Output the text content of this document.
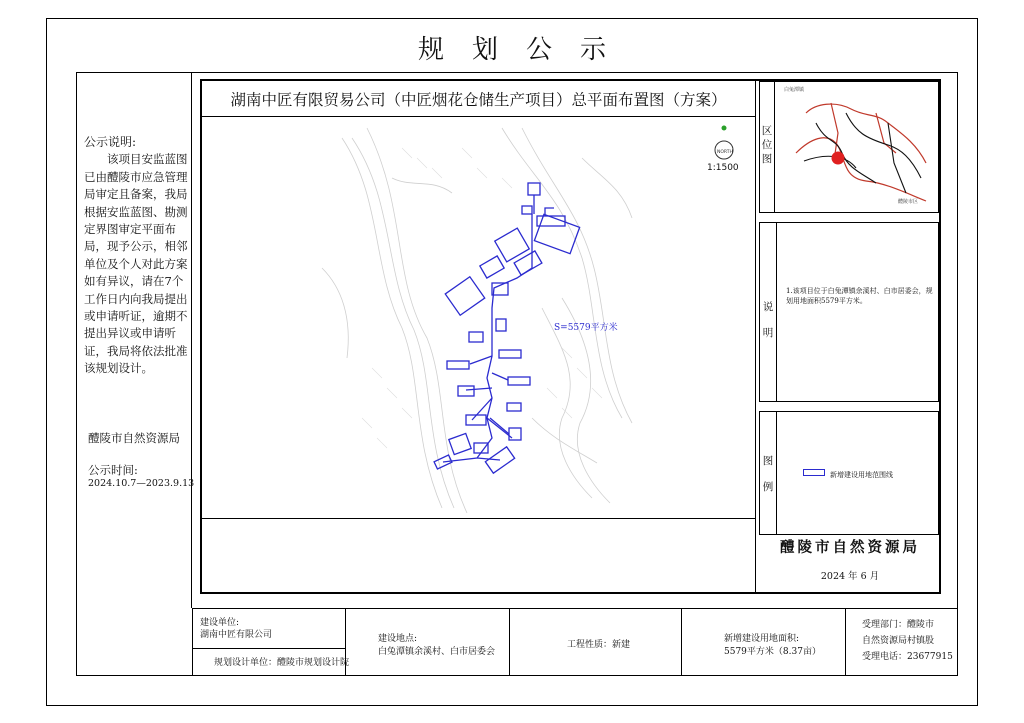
规划公示
公示说明:
该项目安监蓝图已由醴陵市应急管理局审定且备案，我局根据安监蓝图、勘测定界图审定平面布局，现予公示，相邻单位及个人对此方案如有异议，请在7个工作日内向我局提出或申请听证，逾期不提出异议或申请听证，我局将依法批准该规划设计。
醴陵市自然资源局
公示时间:
2024.10.7—2023.9.13
湖南中匠有限贸易公司（中匠烟花仓储生产项目）总平面布置图（方案）
S=5579平方米
NORTH
1:1500
区位图
醴陵市区
白兔潭镇
说明
1.该项目位于白兔潭镇余溪村、白市居委会，规划用地面积5579平方米。
图例
新增建设用地范围线
醴陵市自然资源局
2024 年 6 月
建设单位:
湖南中匠有限公司
规划设计单位：醴陵市规划设计院
建设地点:
白兔潭镇余溪村、白市居委会
工程性质：新建
新增建设用地面积:
5579平方米（8.37亩）
受理部门：醴陵市
自然资源局村镇股
受理电话：23677915
